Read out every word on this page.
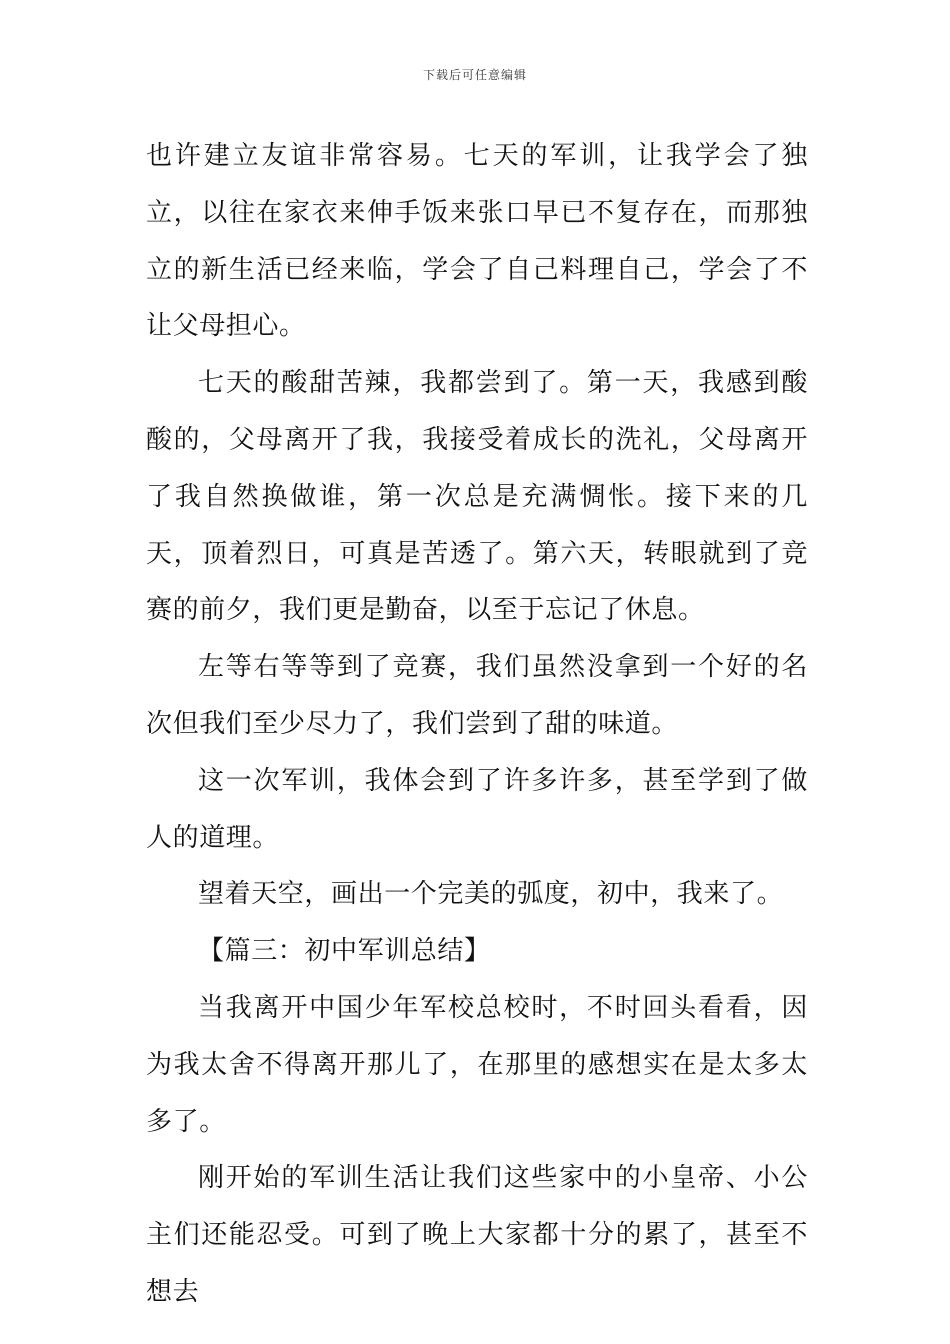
下载后可任意编辑

也许建立友谊非常容易。七天的军训，让我学会了独立，以往在家衣来伸手饭来张口早已不复存在，而那独立的新生活已经来临，学会了自己料理自己，学会了不让父母担心。

七天的酸甜苦辣，我都尝到了。第一天，我感到酸酸的，父母离开了我，我接受着成长的洗礼，父母离开了我自然换做谁，第一次总是充满惆怅。接下来的几天，顶着烈日，可真是苦透了。第六天，转眼就到了竞赛的前夕，我们更是勤奋，以至于忘记了休息。

左等右等等到了竞赛，我们虽然没拿到一个好的名次但我们至少尽力了，我们尝到了甜的味道。

这一次军训，我体会到了许多许多，甚至学到了做人的道理。

望着天空，画出一个完美的弧度，初中，我来了。

【篇三：初中军训总结】

当我离开中国少年军校总校时，不时回头看看，因为我太舍不得离开那儿了，在那里的感想实在是太多太多了。

刚开始的军训生活让我们这些家中的小皇帝、小公主们还能忍受。可到了晚上大家都十分的累了，甚至不想去
